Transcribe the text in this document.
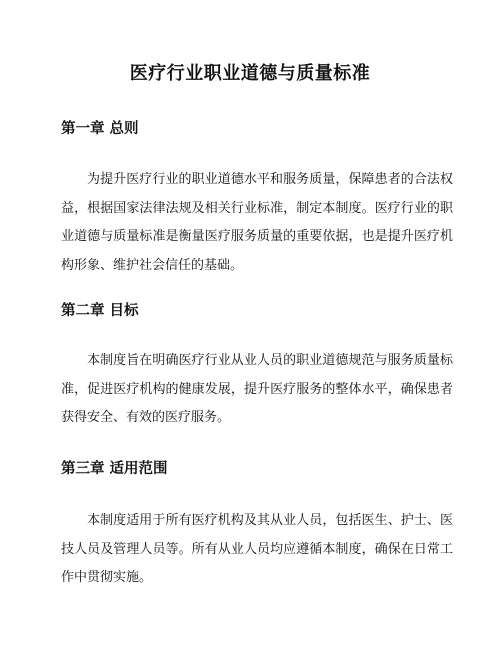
医疗行业职业道德与质量标准
第一章 总则

为提升医疗行业的职业道德水平和服务质量，保障患者的合法权益，根据国家法律法规及相关行业标准，制定本制度。医疗行业的职业道德与质量标准是衡量医疗服务质量的重要依据，也是提升医疗机构形象、维护社会信任的基础。

第二章 目标

本制度旨在明确医疗行业从业人员的职业道德规范与服务质量标准，促进医疗机构的健康发展，提升医疗服务的整体水平，确保患者获得安全、有效的医疗服务。

第三章 适用范围

本制度适用于所有医疗机构及其从业人员，包括医生、护士、医技人员及管理人员等。所有从业人员均应遵循本制度，确保在日常工作中贯彻实施。
